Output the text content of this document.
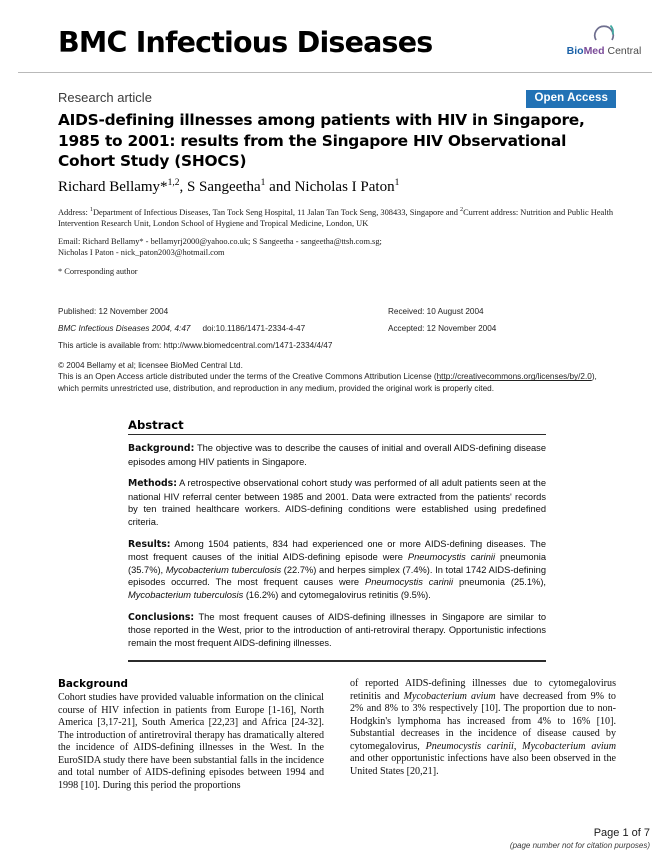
BMC Infectious Diseases	BioMed Central
Research article	Open Access
AIDS-defining illnesses among patients with HIV in Singapore, 1985 to 2001: results from the Singapore HIV Observational Cohort Study (SHOCS)
Richard Bellamy*$^{1,2}$, S Sangeetha$^1$ and Nicholas I Paton$^1$
Address: $^1$Department of Infectious Diseases, Tan Tock Seng Hospital, 11 Jalan Tan Tock Seng, 308433, Singapore and $^2$Current address: Nutrition and Public Health Intervention Research Unit, London School of Hygiene and Tropical Medicine, London, UK
Email: Richard Bellamy* - bellamyrj2000@yahoo.co.uk; S Sangeetha - sangeetha@ttsh.com.sg;
Nicholas I Paton - nick_paton2003@hotmail.com
* Corresponding author
Published: 12 November 2004
BMC Infectious Diseases 2004, 4:47 doi:10.1186/1471-2334-4-47
Received: 10 August 2004
Accepted: 12 November 2004
This article is available from: http://www.biomedcentral.com/1471-2334/4/47
© 2004 Bellamy et al; licensee BioMed Central Ltd.
This is an Open Access article distributed under the terms of the Creative Commons Attribution License (http://creativecommons.org/licenses/by/2.0),
which permits unrestricted use, distribution, and reproduction in any medium, provided the original work is properly cited.
Abstract

Background: The objective was to describe the causes of initial and overall AIDS-defining disease episodes among HIV patients in Singapore.

Methods: A retrospective observational cohort study was performed of all adult patients seen at the national HIV referral center between 1985 and 2001. Data were extracted from the patients' records by ten trained healthcare workers. AIDS-defining conditions were established using predefined criteria.

Results: Among 1504 patients, 834 had experienced one or more AIDS-defining diseases. The most frequent causes of the initial AIDS-defining episode were Pneumocystis carinii pneumonia (35.7%), Mycobacterium tuberculosis (22.7%) and herpes simplex (7.4%). In total 1742 AIDS-defining episodes occurred. The most frequent causes were Pneumocystis carinii pneumonia (25.1%), Mycobacterium tuberculosis (16.2%) and cytomegalovirus retinitis (9.5%).

Conclusions: The most frequent causes of AIDS-defining illnesses in Singapore are similar to those reported in the West, prior to the introduction of anti-retroviral therapy. Opportunistic infections remain the most frequent AIDS-defining illnesses.

Background

Cohort studies have provided valuable information on the clinical course of HIV infection in patients from Europe [1-16], North America [3,17-21], South America [22,23] and Africa [24-32]. The introduction of antiretroviral therapy has dramatically altered the incidence of AIDS-defining illnesses in the West. In the EuroSIDA study there have been substantial falls in the incidence and total number of AIDS-defining episodes between 1994 and 1998 [10]. During this period the proportions

of reported AIDS-defining illnesses due to cytomegalovirus retinitis and Mycobacterium avium have decreased from 9% to 2% and 8% to 3% respectively [10]. The proportion due to non-Hodgkin's lymphoma has increased from 4% to 16% [10]. Substantial decreases in the incidence of disease caused by cytomegalovirus, Pneumocystis carinii, Mycobacterium avium and other opportunistic infections have also been observed in the United States [20,21].

Page 1 of 7
(page number not for citation purposes)
